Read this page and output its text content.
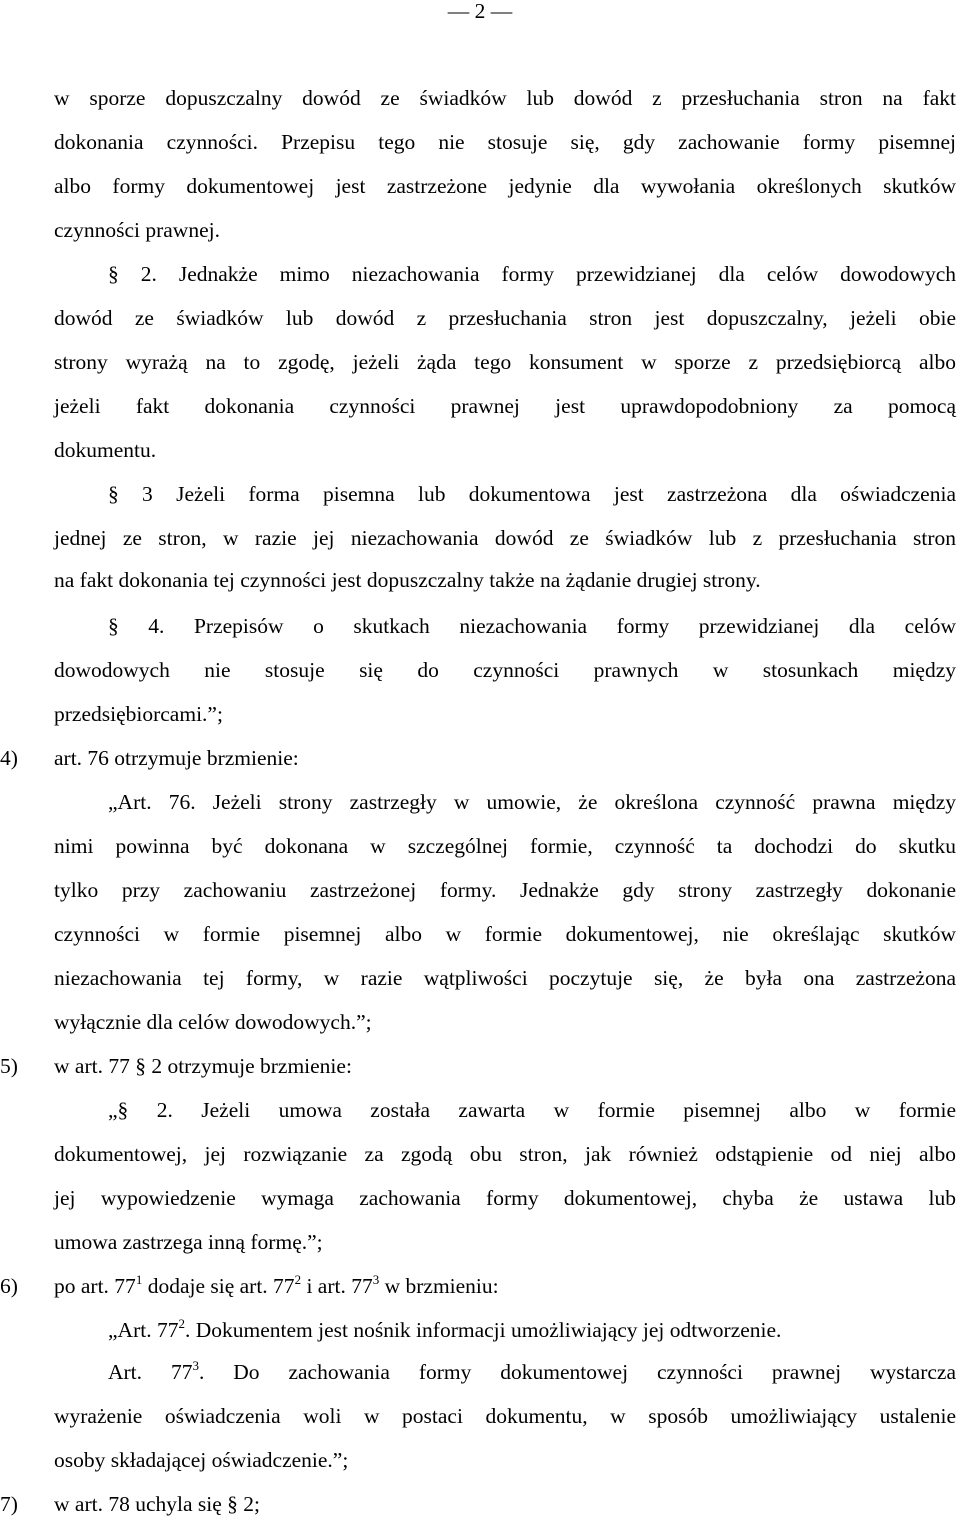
— 2 —
w sporze dopuszczalny dowód ze świadków lub dowód z przesłuchania stron na fakt
dokonania czynności. Przepisu tego nie stosuje się, gdy zachowanie formy pisemnej
albo formy dokumentowej jest zastrzeżone jedynie dla wywołania określonych skutków
czynności prawnej.
§ 2. Jednakże mimo niezachowania formy przewidzianej dla celów dowodowych
dowód ze świadków lub dowód z przesłuchania stron jest dopuszczalny, jeżeli obie
strony wyrażą na to zgodę, jeżeli żąda tego konsument w sporze z przedsiębiorcą albo
jeżeli fakt dokonania czynności prawnej jest uprawdopodobniony za pomocą
dokumentu.
§ 3 Jeżeli forma pisemna lub dokumentowa jest zastrzeżona dla oświadczenia
jednej ze stron, w razie jej niezachowania dowód ze świadków lub z przesłuchania stron
na fakt dokonania tej czynności jest dopuszczalny także na żądanie drugiej strony.
§ 4. Przepisów o skutkach niezachowania formy przewidzianej dla celów
dowodowych nie stosuje się do czynności prawnych w stosunkach między
przedsiębiorcami.”;
4) art. 76 otrzymuje brzmienie:
„Art. 76. Jeżeli strony zastrzegły w umowie, że określona czynność prawna między
nimi powinna być dokonana w szczególnej formie, czynność ta dochodzi do skutku
tylko przy zachowaniu zastrzeżonej formy. Jednakże gdy strony zastrzegły dokonanie
czynności w formie pisemnej albo w formie dokumentowej, nie określając skutków
niezachowania tej formy, w razie wątpliwości poczytuje się, że była ona zastrzeżona
wyłącznie dla celów dowodowych.”;
5) w art. 77 § 2 otrzymuje brzmienie:
„§ 2. Jeżeli umowa została zawarta w formie pisemnej albo w formie
dokumentowej, jej rozwiązanie za zgodą obu stron, jak również odstąpienie od niej albo
jej wypowiedzenie wymaga zachowania formy dokumentowej, chyba że ustawa lub
umowa zastrzega inną formę.”;
6) po art. $77^1$ dodaje się art. $77^2$ i art. $77^3$ w brzmieniu:
„Art. $77^2$. Dokumentem jest nośnik informacji umożliwiający jej odtworzenie.
Art. $77^3$. Do zachowania formy dokumentowej czynności prawnej wystarcza
wyrażenie oświadczenia woli w postaci dokumentu, w sposób umożliwiający ustalenie
osoby składającej oświadczenie.”;
7) w art. 78 uchyla się § 2;
